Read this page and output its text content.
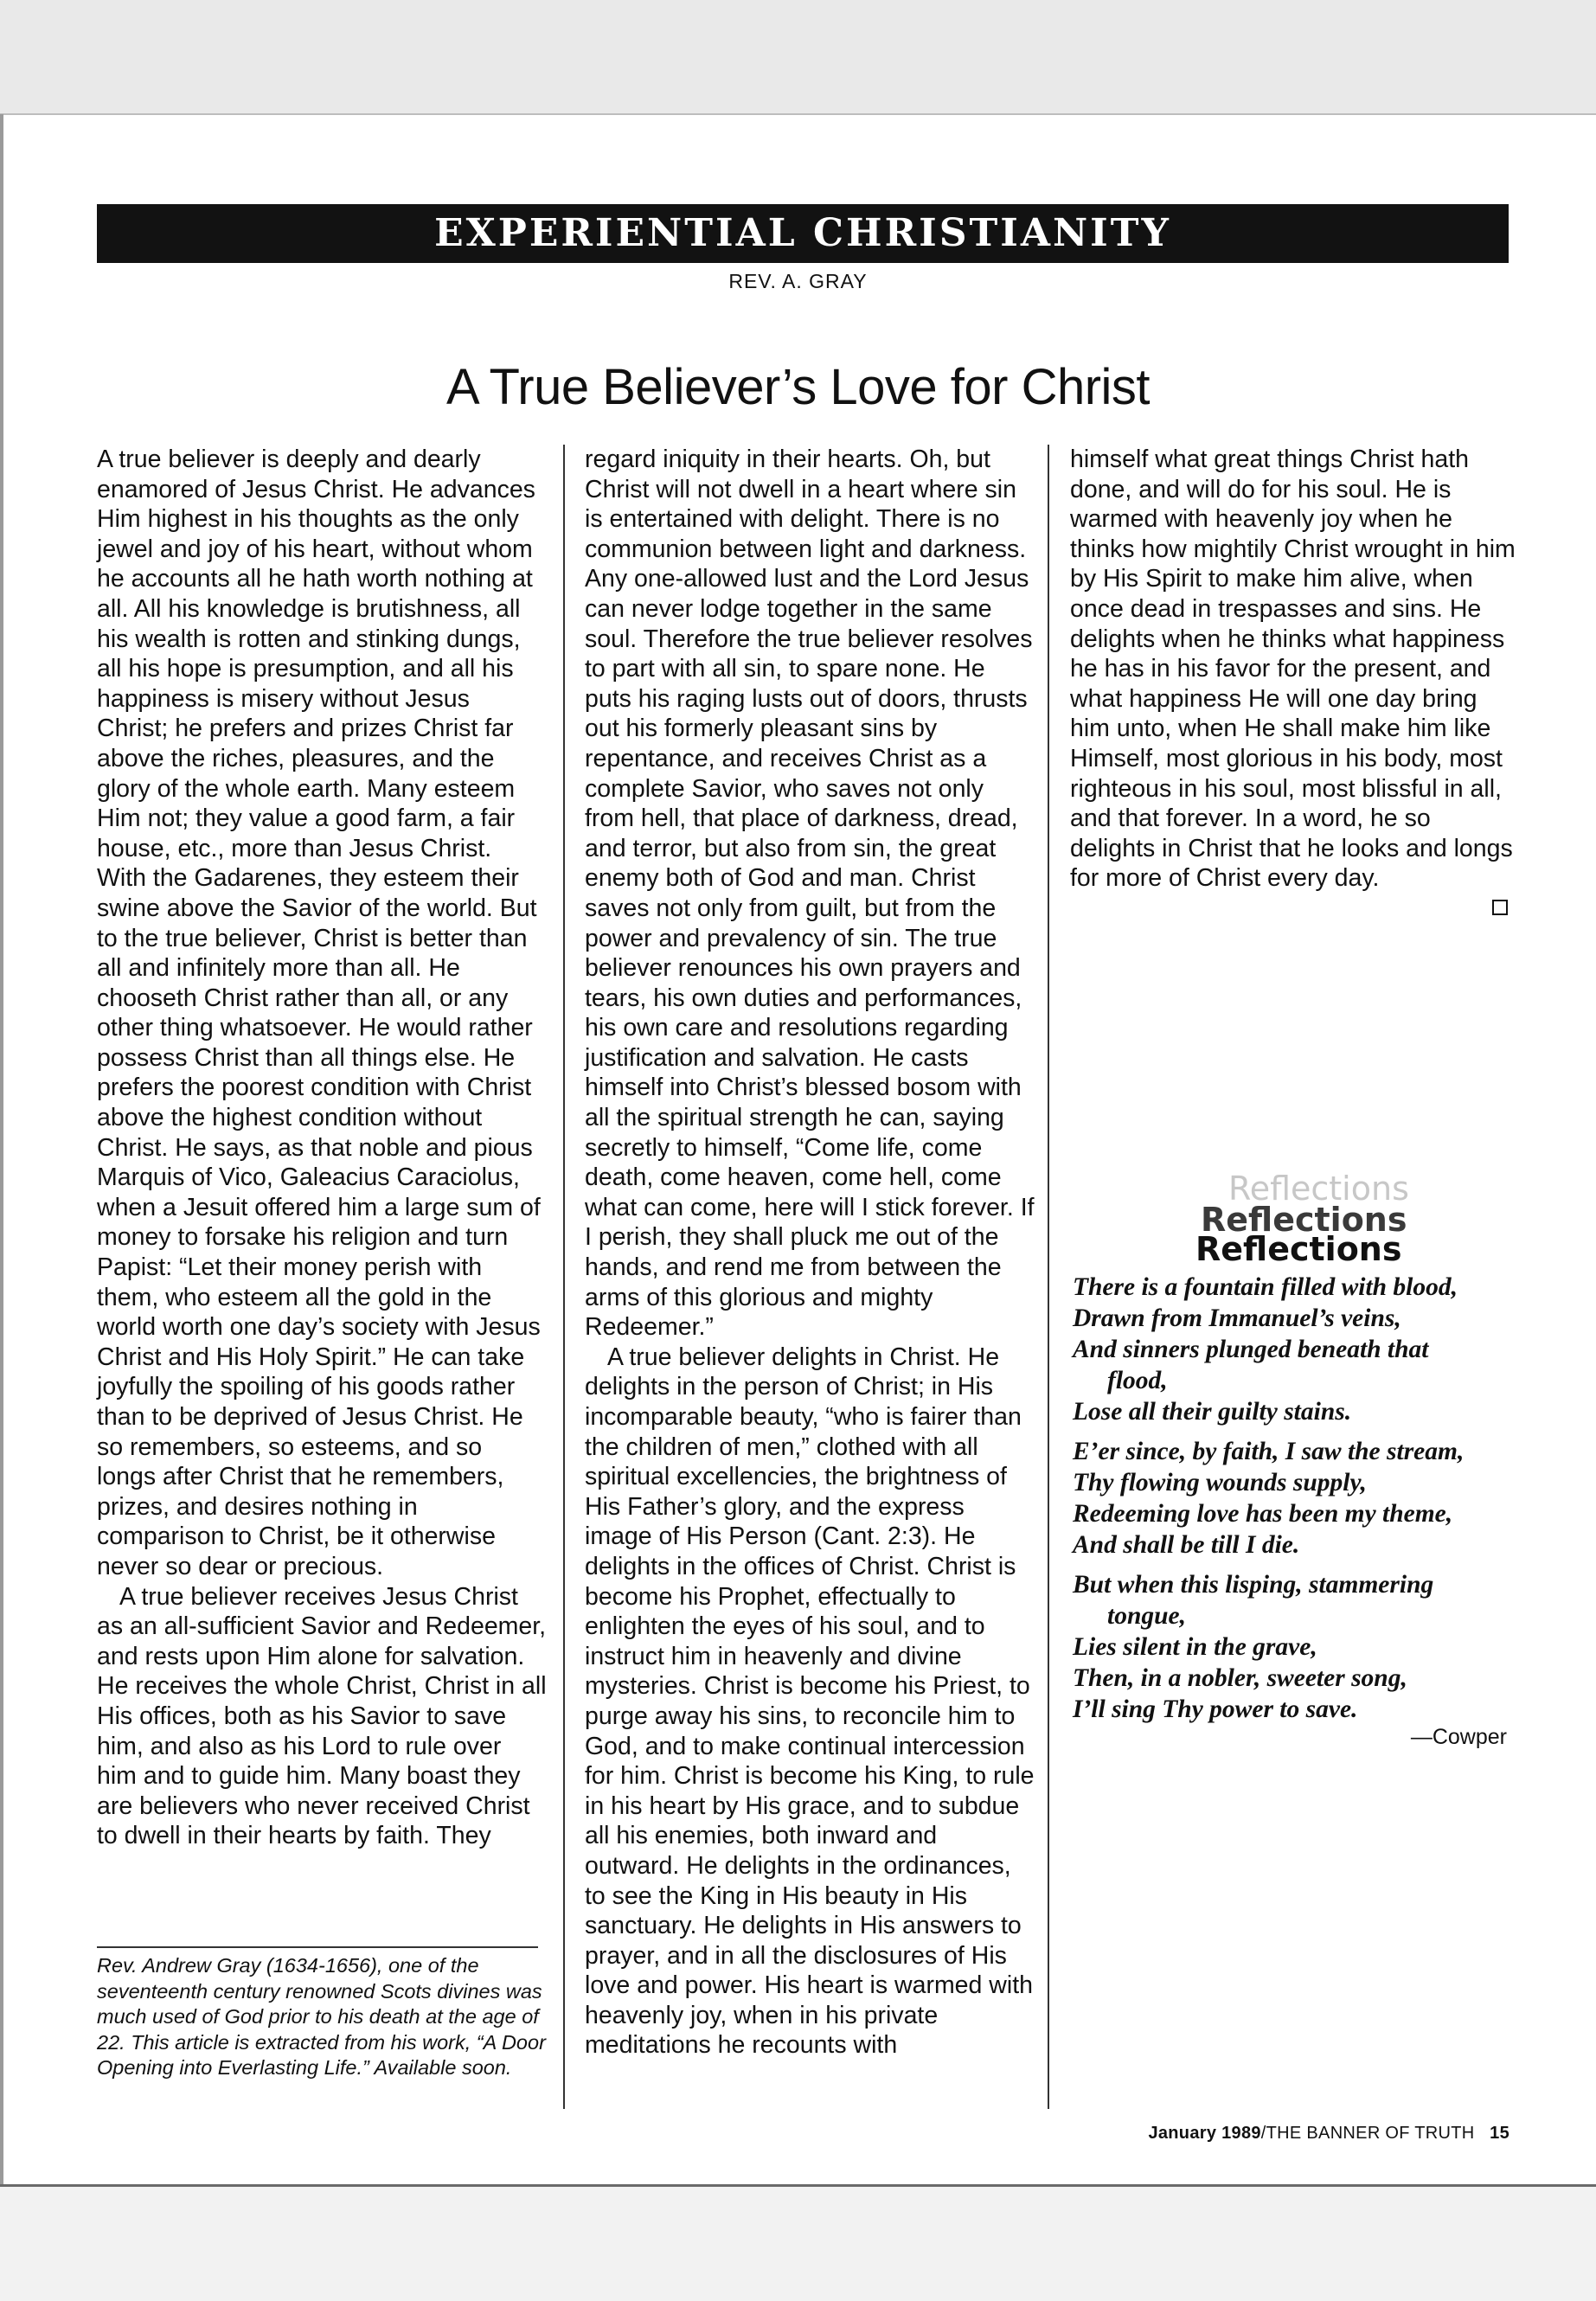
EXPERIENTIAL CHRISTIANITY
REV. A. GRAY
A True Believer’s Love for Christ

A true believer is deeply and dearly enamored of Jesus Christ. He advances Him highest in his thoughts as the only jewel and joy of his heart, without whom he accounts all he hath worth nothing at all. All his knowledge is brutishness, all his wealth is rotten and stinking dungs, all his hope is presumption, and all his happiness is misery without Jesus Christ; he prefers and prizes Christ far above the riches, pleasures, and the glory of the whole earth. Many esteem Him not; they value a good farm, a fair house, etc., more than Jesus Christ. With the Gadarenes, they esteem their swine above the Savior of the world. But to the true believer, Christ is better than all and infinitely more than all. He chooseth Christ rather than all, or any other thing whatsoever. He would rather possess Christ than all things else. He prefers the poorest condition with Christ above the highest condition without Christ. He says, as that noble and pious Marquis of Vico, Galeacius Caraciolus, when a Jesuit offered him a large sum of money to forsake his religion and turn Papist: “Let their money perish with them, who esteem all the gold in the world worth one day’s society with Jesus Christ and His Holy Spirit.” He can take joyfully the spoiling of his goods rather than to be deprived of Jesus Christ. He so remembers, so esteems, and so longs after Christ that he remembers, prizes, and desires nothing in comparison to Christ, be it otherwise never so dear or precious.

A true believer receives Jesus Christ as an all-sufficient Savior and Redeemer, and rests upon Him alone for salvation. He receives the whole Christ, Christ in all His offices, both as his Savior to save him, and also as his Lord to rule over him and to guide him. Many boast they are believers who never received Christ to dwell in their hearts by faith. They

regard iniquity in their hearts. Oh, but Christ will not dwell in a heart where sin is entertained with delight. There is no communion between light and darkness. Any one-allowed lust and the Lord Jesus can never lodge together in the same soul. Therefore the true believer resolves to part with all sin, to spare none. He puts his raging lusts out of doors, thrusts out his formerly pleasant sins by repentance, and receives Christ as a complete Savior, who saves not only from hell, that place of darkness, dread, and terror, but also from sin, the great enemy both of God and man. Christ saves not only from guilt, but from the power and prevalency of sin. The true believer renounces his own prayers and tears, his own duties and performances, his own care and resolutions regarding justification and salvation. He casts himself into Christ’s blessed bosom with all the spiritual strength he can, saying secretly to himself, “Come life, come death, come heaven, come hell, come what can come, here will I stick forever. If I perish, they shall pluck me out of the hands, and rend me from between the arms of this glorious and mighty Redeemer.”

A true believer delights in Christ. He delights in the person of Christ; in His incomparable beauty, “who is fairer than the children of men,” clothed with all spiritual excellencies, the brightness of His Father’s glory, and the express image of His Person (Cant. 2:3). He delights in the offices of Christ. Christ is become his Prophet, effectually to enlighten the eyes of his soul, and to instruct him in heavenly and divine mysteries. Christ is become his Priest, to purge away his sins, to reconcile him to God, and to make continual intercession for him. Christ is become his King, to rule in his heart by His grace, and to subdue all his enemies, both inward and outward. He delights in the ordinances, to see the King in His beauty in His sanctuary. He delights in His answers to prayer, and in all the disclosures of His love and power. His heart is warmed with heavenly joy, when in his private meditations he recounts with

himself what great things Christ hath done, and will do for his soul. He is warmed with heavenly joy when he thinks how mightily Christ wrought in him by His Spirit to make him alive, when once dead in trespasses and sins. He delights when he thinks what happiness he has in his favor for the present, and what happiness He will one day bring him unto, when He shall make him like Himself, most glorious in his body, most righteous in his soul, most blissful in all, and that forever. In a word, he so delights in Christ that he looks and longs for more of Christ every day.

Rev. Andrew Gray (1634-1656), one of the seventeenth century renowned Scots divines was much used of God prior to his death at the age of 22. This article is extracted from his work, “A Door Opening into Everlasting Life.” Available soon.
Reflections
Reflections
Reflections
There is a fountain filled with blood,
Drawn from Immanuel’s veins,
And sinners plunged beneath that
flood,
Lose all their guilty stains.
E’er since, by faith, I saw the stream,
Thy flowing wounds supply,
Redeeming love has been my theme,
And shall be till I die.
But when this lisping, stammering
tongue,
Lies silent in the grave,
Then, in a nobler, sweeter song,
I’ll sing Thy power to save.
—Cowper
January 1989/THE BANNER OF TRUTH 15
